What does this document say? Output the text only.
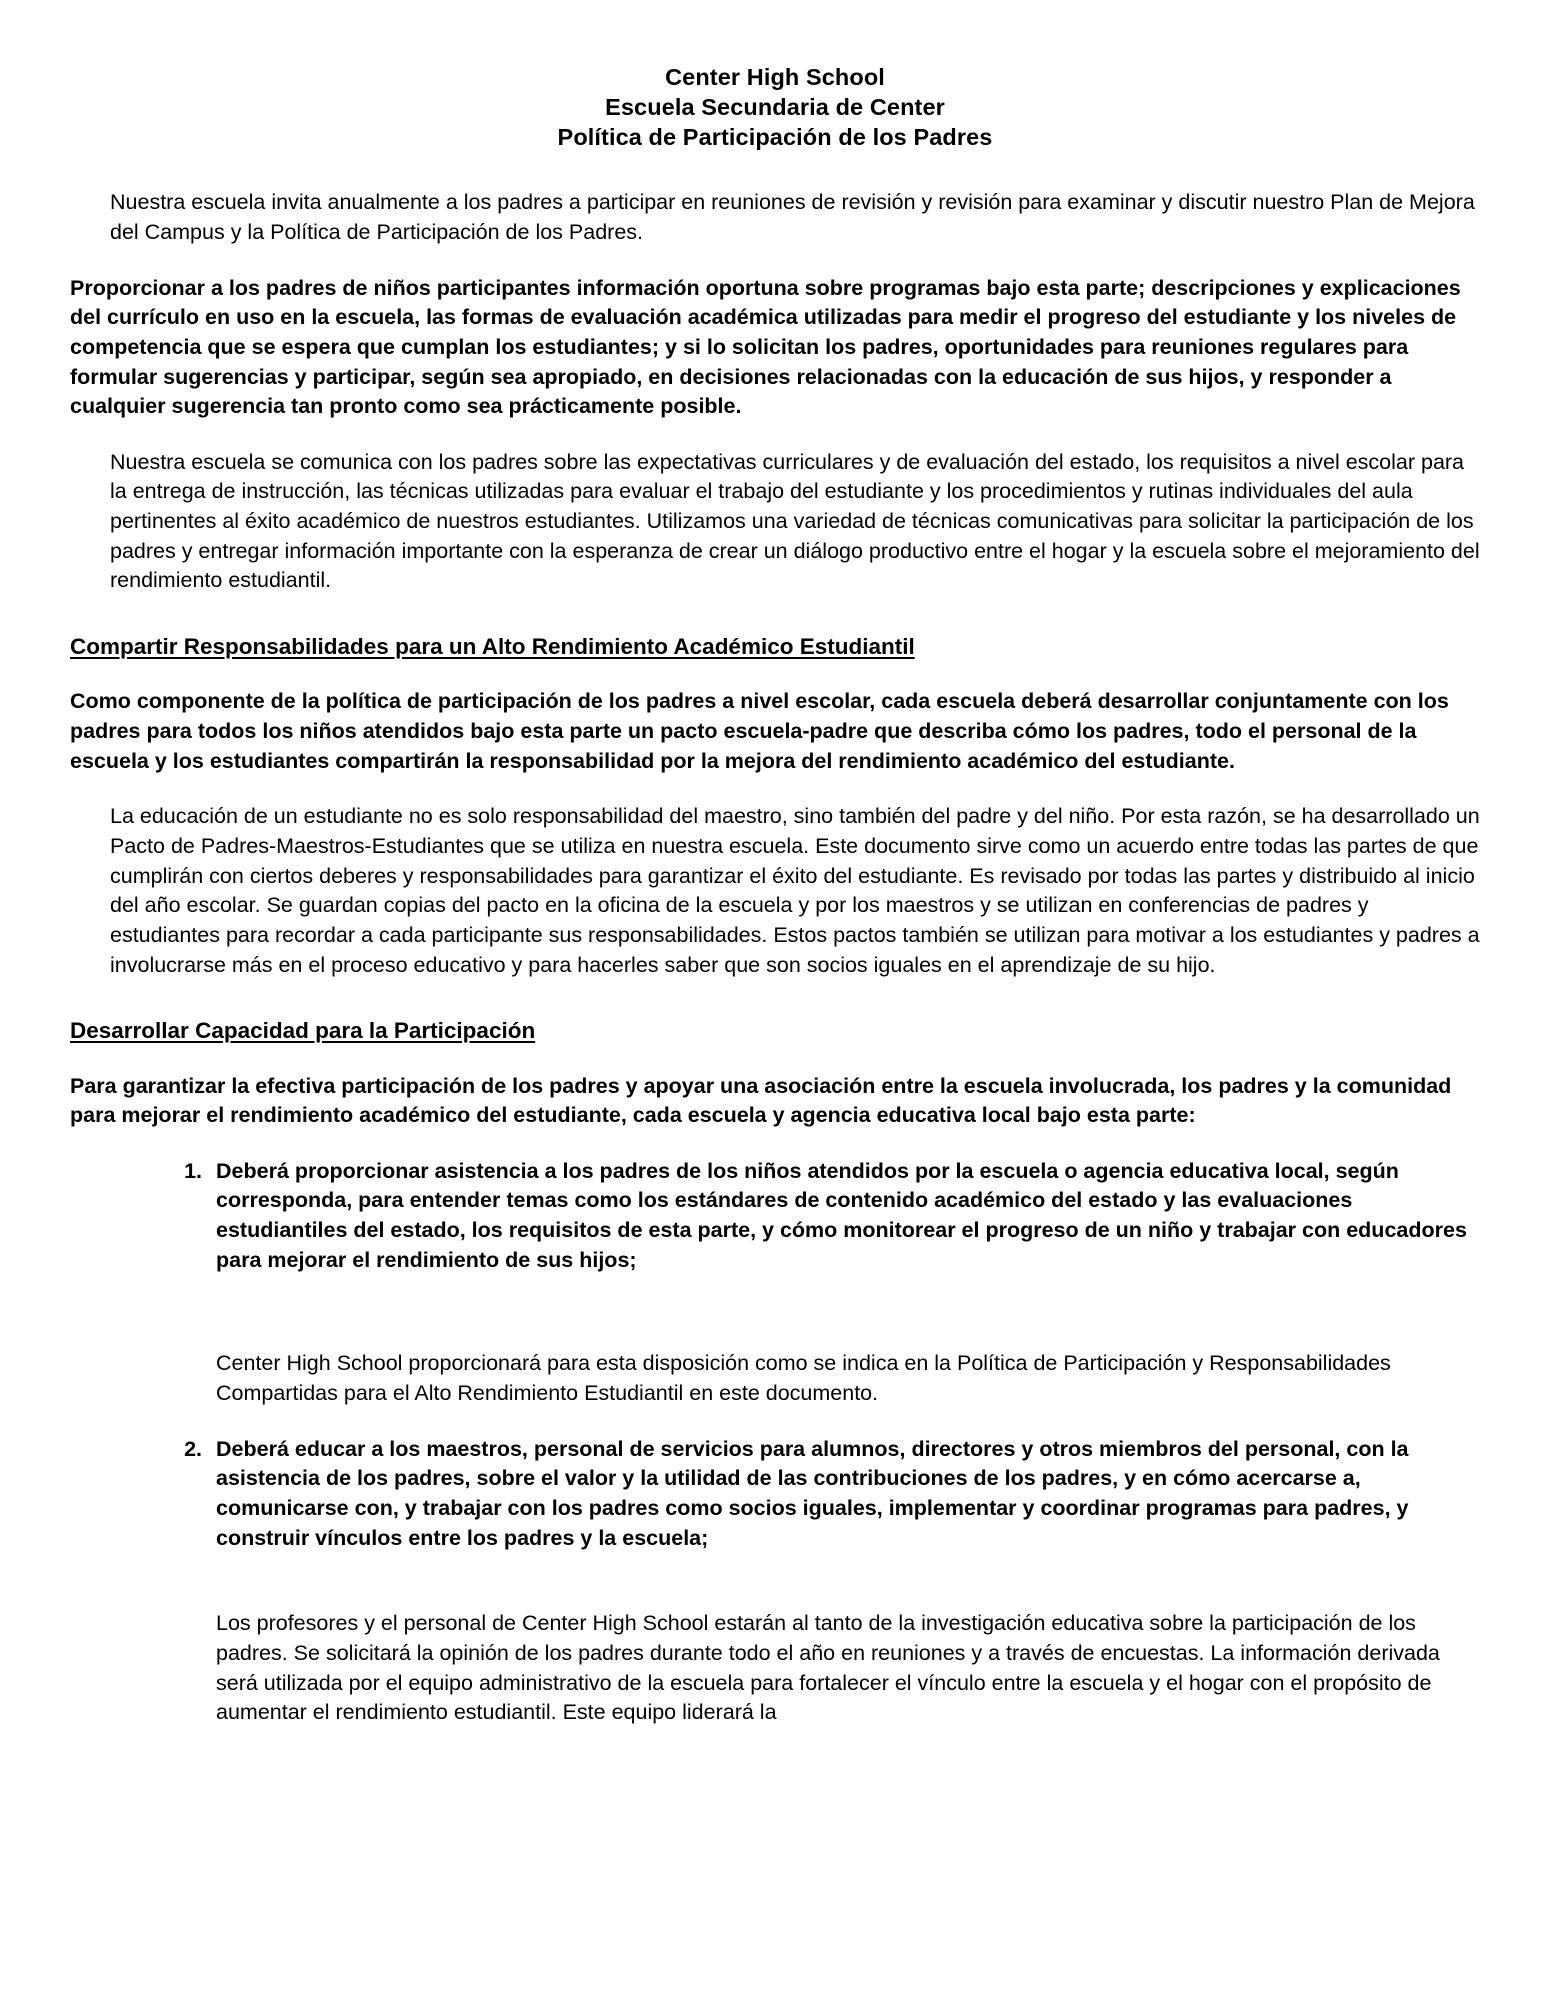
Center High School
Escuela Secundaria de Center
Política de Participación de los Padres

Nuestra escuela invita anualmente a los padres a participar en reuniones de revisión y revisión para examinar y discutir nuestro Plan de Mejora del Campus y la Política de Participación de los Padres.

Proporcionar a los padres de niños participantes información oportuna sobre programas bajo esta parte; descripciones y explicaciones del currículo en uso en la escuela, las formas de evaluación académica utilizadas para medir el progreso del estudiante y los niveles de competencia que se espera que cumplan los estudiantes; y si lo solicitan los padres, oportunidades para reuniones regulares para formular sugerencias y participar, según sea apropiado, en decisiones relacionadas con la educación de sus hijos, y responder a cualquier sugerencia tan pronto como sea prácticamente posible.

Nuestra escuela se comunica con los padres sobre las expectativas curriculares y de evaluación del estado, los requisitos a nivel escolar para la entrega de instrucción, las técnicas utilizadas para evaluar el trabajo del estudiante y los procedimientos y rutinas individuales del aula pertinentes al éxito académico de nuestros estudiantes. Utilizamos una variedad de técnicas comunicativas para solicitar la participación de los padres y entregar información importante con la esperanza de crear un diálogo productivo entre el hogar y la escuela sobre el mejoramiento del rendimiento estudiantil.

Compartir Responsabilidades para un Alto Rendimiento Académico Estudiantil

Como componente de la política de participación de los padres a nivel escolar, cada escuela deberá desarrollar conjuntamente con los padres para todos los niños atendidos bajo esta parte un pacto escuela-padre que describa cómo los padres, todo el personal de la escuela y los estudiantes compartirán la responsabilidad por la mejora del rendimiento académico del estudiante.

La educación de un estudiante no es solo responsabilidad del maestro, sino también del padre y del niño. Por esta razón, se ha desarrollado un Pacto de Padres-Maestros-Estudiantes que se utiliza en nuestra escuela. Este documento sirve como un acuerdo entre todas las partes de que cumplirán con ciertos deberes y responsabilidades para garantizar el éxito del estudiante. Es revisado por todas las partes y distribuido al inicio del año escolar. Se guardan copias del pacto en la oficina de la escuela y por los maestros y se utilizan en conferencias de padres y estudiantes para recordar a cada participante sus responsabilidades. Estos pactos también se utilizan para motivar a los estudiantes y padres a involucrarse más en el proceso educativo y para hacerles saber que son socios iguales en el aprendizaje de su hijo.

Desarrollar Capacidad para la Participación

Para garantizar la efectiva participación de los padres y apoyar una asociación entre la escuela involucrada, los padres y la comunidad para mejorar el rendimiento académico del estudiante, cada escuela y agencia educativa local bajo esta parte:

1. Deberá proporcionar asistencia a los padres de los niños atendidos por la escuela o agencia educativa local, según corresponda, para entender temas como los estándares de contenido académico del estado y las evaluaciones estudiantiles del estado, los requisitos de esta parte, y cómo monitorear el progreso de un niño y trabajar con educadores para mejorar el rendimiento de sus hijos;

Center High School proporcionará para esta disposición como se indica en la Política de Participación y Responsabilidades Compartidas para el Alto Rendimiento Estudiantil en este documento.

2. Deberá educar a los maestros, personal de servicios para alumnos, directores y otros miembros del personal, con la asistencia de los padres, sobre el valor y la utilidad de las contribuciones de los padres, y en cómo acercarse a, comunicarse con, y trabajar con los padres como socios iguales, implementar y coordinar programas para padres, y construir vínculos entre los padres y la escuela;

Los profesores y el personal de Center High School estarán al tanto de la investigación educativa sobre la participación de los padres. Se solicitará la opinión de los padres durante todo el año en reuniones y a través de encuestas. La información derivada será utilizada por el equipo administrativo de la escuela para fortalecer el vínculo entre la escuela y el hogar con el propósito de aumentar el rendimiento estudiantil. Este equipo liderará la
